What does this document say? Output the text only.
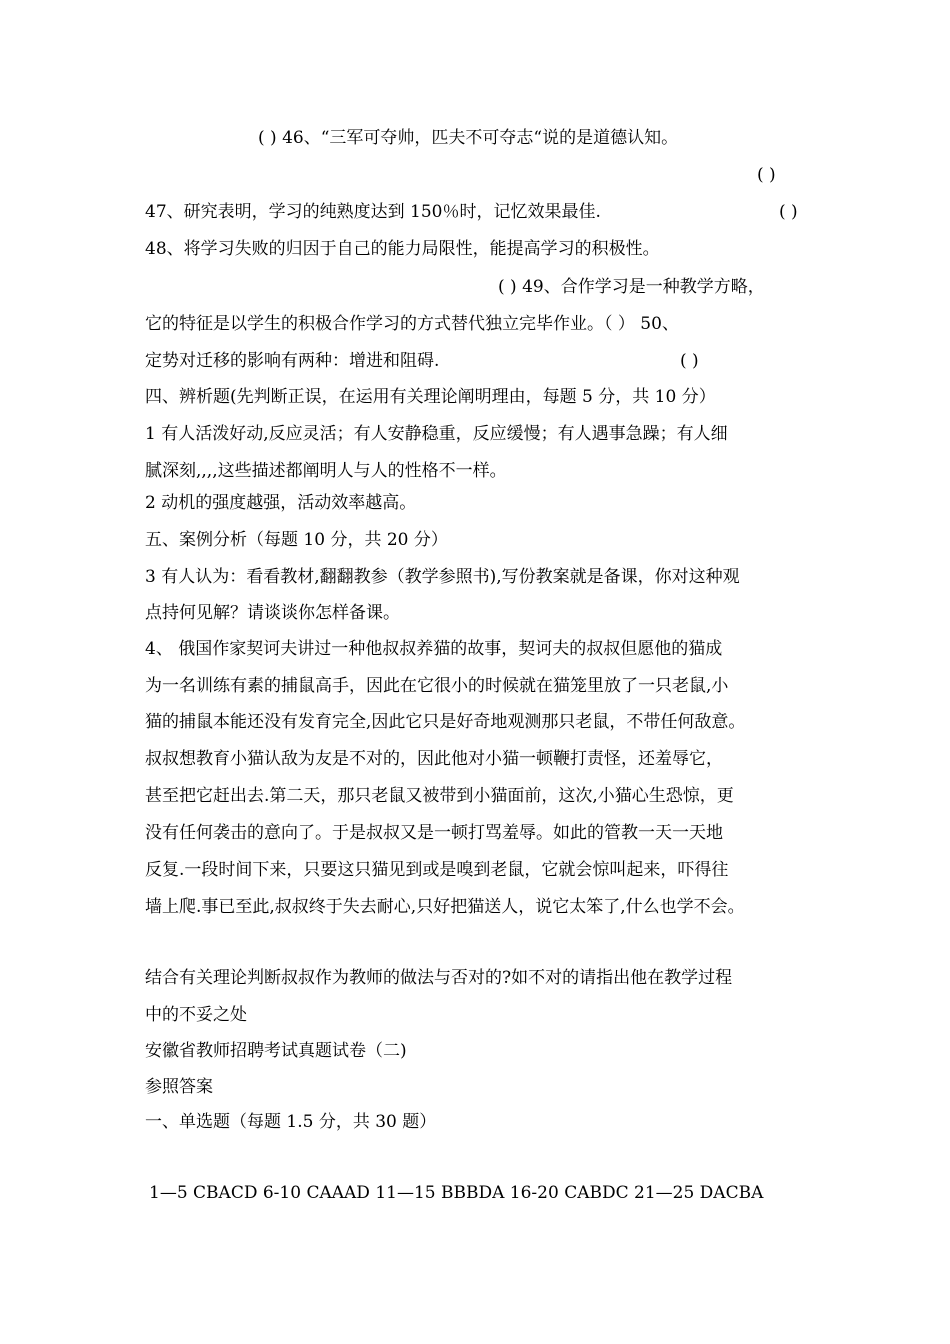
( ) 46、“三军可夺帅，匹夫不可夺志“说的是道德认知。
( )
47、研究表明，学习的纯熟度达到 150％时，记忆效果最佳.	( )
48、将学习失败的归因于自己的能力局限性，能提高学习的积极性。
( ) 49、合作学习是一种教学方略，
它的特征是以学生的积极合作学习的方式替代独立完毕作业。（ ） 50、
定势对迁移的影响有两种：增进和阻碍.	( )
四、辨析题(先判断正误，在运用有关理论阐明理由，每题 5 分，共 10 分）
1 有人活泼好动,反应灵活；有人安静稳重，反应缓慢；有人遇事急躁；有人细
腻深刻,,,,这些描述都阐明人与人的性格不一样。
2 动机的强度越强，活动效率越高。
五、案例分析（每题 10 分，共 20 分）
3 有人认为：看看教材,翻翻教参（教学参照书),写份教案就是备课，你对这种观
点持何见解？请谈谈你怎样备课。
4、 俄国作家契诃夫讲过一种他叔叔养猫的故事，契诃夫的叔叔但愿他的猫成
为一名训练有素的捕鼠高手，因此在它很小的时候就在猫笼里放了一只老鼠,小
猫的捕鼠本能还没有发育完全,因此它只是好奇地观测那只老鼠，不带任何敌意。
叔叔想教育小猫认敌为友是不对的，因此他对小猫一顿鞭打责怪，还羞辱它，
甚至把它赶出去.第二天，那只老鼠又被带到小猫面前，这次,小猫心生恐惊，更
没有任何袭击的意向了。于是叔叔又是一顿打骂羞辱。如此的管教一天一天地
反复.一段时间下来，只要这只猫见到或是嗅到老鼠，它就会惊叫起来，吓得往
墙上爬.事已至此,叔叔终于失去耐心,只好把猫送人，说它太笨了,什么也学不会。
结合有关理论判断叔叔作为教师的做法与否对的?如不对的请指出他在教学过程
中的不妥之处
安徽省教师招聘考试真题试卷（二)
参照答案
一、单选题（每题 1.5 分，共 30 题）
1—5 CBACD 6-10 CAAAD 11—15 BBBDA 16-20 CABDC 21—25 DACBA
